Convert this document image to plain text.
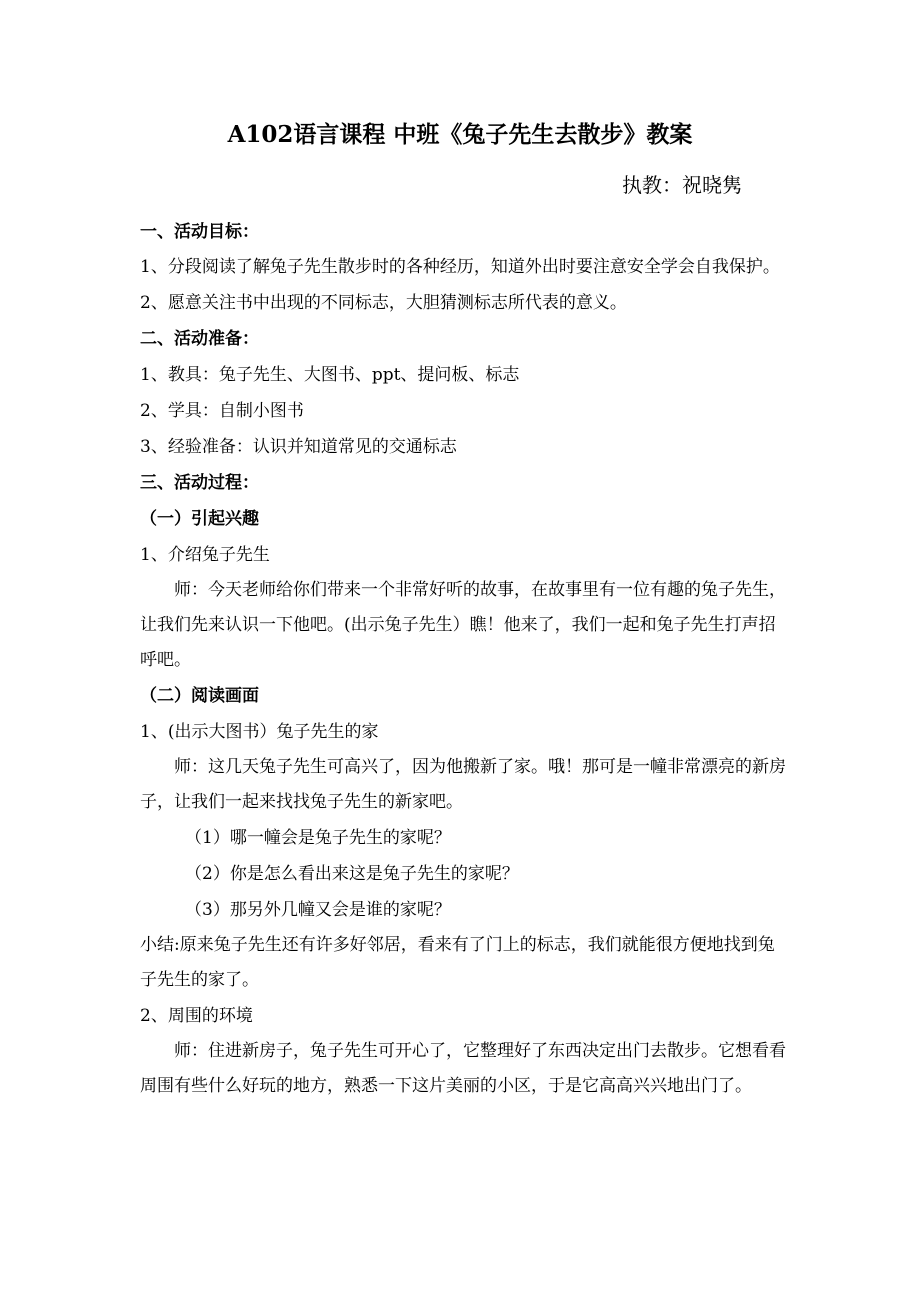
A102语言课程 中班《兔子先生去散步》教案
执教：祝晓隽

一、活动目标：

1、分段阅读了解兔子先生散步时的各种经历，知道外出时要注意安全学会自我保护。

2、愿意关注书中出现的不同标志，大胆猜测标志所代表的意义。

二、活动准备：

1、教具：兔子先生、大图书、ppt、提问板、标志

2、学具：自制小图书

3、经验准备：认识并知道常见的交通标志

三、活动过程：

（一）引起兴趣

1、介绍兔子先生

师：今天老师给你们带来一个非常好听的故事，在故事里有一位有趣的兔子先生，让我们先来认识一下他吧。(出示兔子先生）瞧！他来了，我们一起和兔子先生打声招呼吧。

（二）阅读画面

1、(出示大图书）兔子先生的家

师：这几天兔子先生可高兴了，因为他搬新了家。哦！那可是一幢非常漂亮的新房子，让我们一起来找找兔子先生的新家吧。

（1）哪一幢会是兔子先生的家呢？

（2）你是怎么看出来这是兔子先生的家呢？

（3）那另外几幢又会是谁的家呢？

小结:原来兔子先生还有许多好邻居，看来有了门上的标志，我们就能很方便地找到兔子先生的家了。

2、周围的环境

师：住进新房子，兔子先生可开心了，它整理好了东西决定出门去散步。它想看看周围有些什么好玩的地方，熟悉一下这片美丽的小区，于是它高高兴兴地出门了。
